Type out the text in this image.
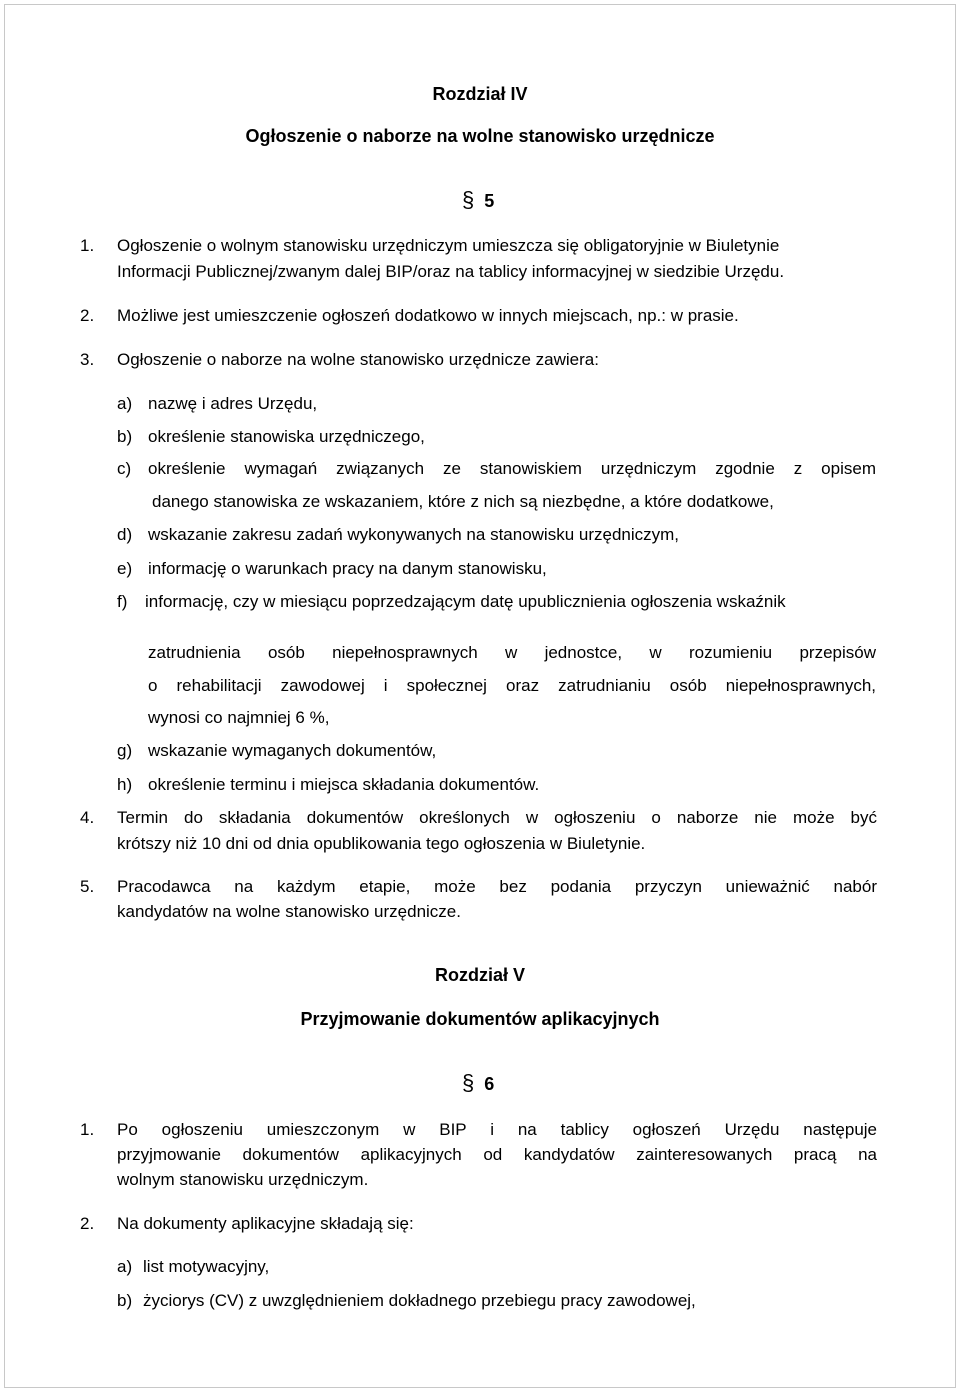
Rozdział IV
Ogłoszenie o naborze na wolne stanowisko urzędnicze
§ 5
1. Ogłoszenie o wolnym stanowisku urzędniczym umieszcza się obligatoryjnie w Biuletynie
Informacji Publicznej/zwanym dalej BIP/oraz na tablicy informacyjnej w siedzibie Urzędu.
2. Możliwe jest umieszczenie ogłoszeń dodatkowo w innych miejscach, np.: w prasie.
3. Ogłoszenie o naborze na wolne stanowisko urzędnicze zawiera:
a) nazwę i adres Urzędu,
b) określenie stanowiska urzędniczego,
c) określenie wymagań związanych ze stanowiskiem urzędniczym zgodnie z opisem
danego stanowiska ze wskazaniem, które z nich są niezbędne, a które dodatkowe,
d) wskazanie zakresu zadań wykonywanych na stanowisku urzędniczym,
e) informację o warunkach pracy na danym stanowisku,
f) informację, czy w miesiącu poprzedzającym datę upublicznienia ogłoszenia wskaźnik
zatrudnienia osób niepełnosprawnych w jednostce, w rozumieniu przepisów
o rehabilitacji zawodowej i społecznej oraz zatrudnianiu osób niepełnosprawnych,
wynosi co najmniej 6 %,
g) wskazanie wymaganych dokumentów,
h) określenie terminu i miejsca składania dokumentów.
4. Termin do składania dokumentów określonych w ogłoszeniu o naborze nie może być
krótszy niż 10 dni od dnia opublikowania tego ogłoszenia w Biuletynie.
5. Pracodawca na każdym etapie, może bez podania przyczyn unieważnić nabór
kandydatów na wolne stanowisko urzędnicze.
Rozdział V
Przyjmowanie dokumentów aplikacyjnych
§ 6
1. Po ogłoszeniu umieszczonym w BIP i na tablicy ogłoszeń Urzędu następuje
przyjmowanie dokumentów aplikacyjnych od kandydatów zainteresowanych pracą na
wolnym stanowisku urzędniczym.
2. Na dokumenty aplikacyjne składają się:
a) list motywacyjny,
b) życiorys (CV) z uwzględnieniem dokładnego przebiegu pracy zawodowej,
